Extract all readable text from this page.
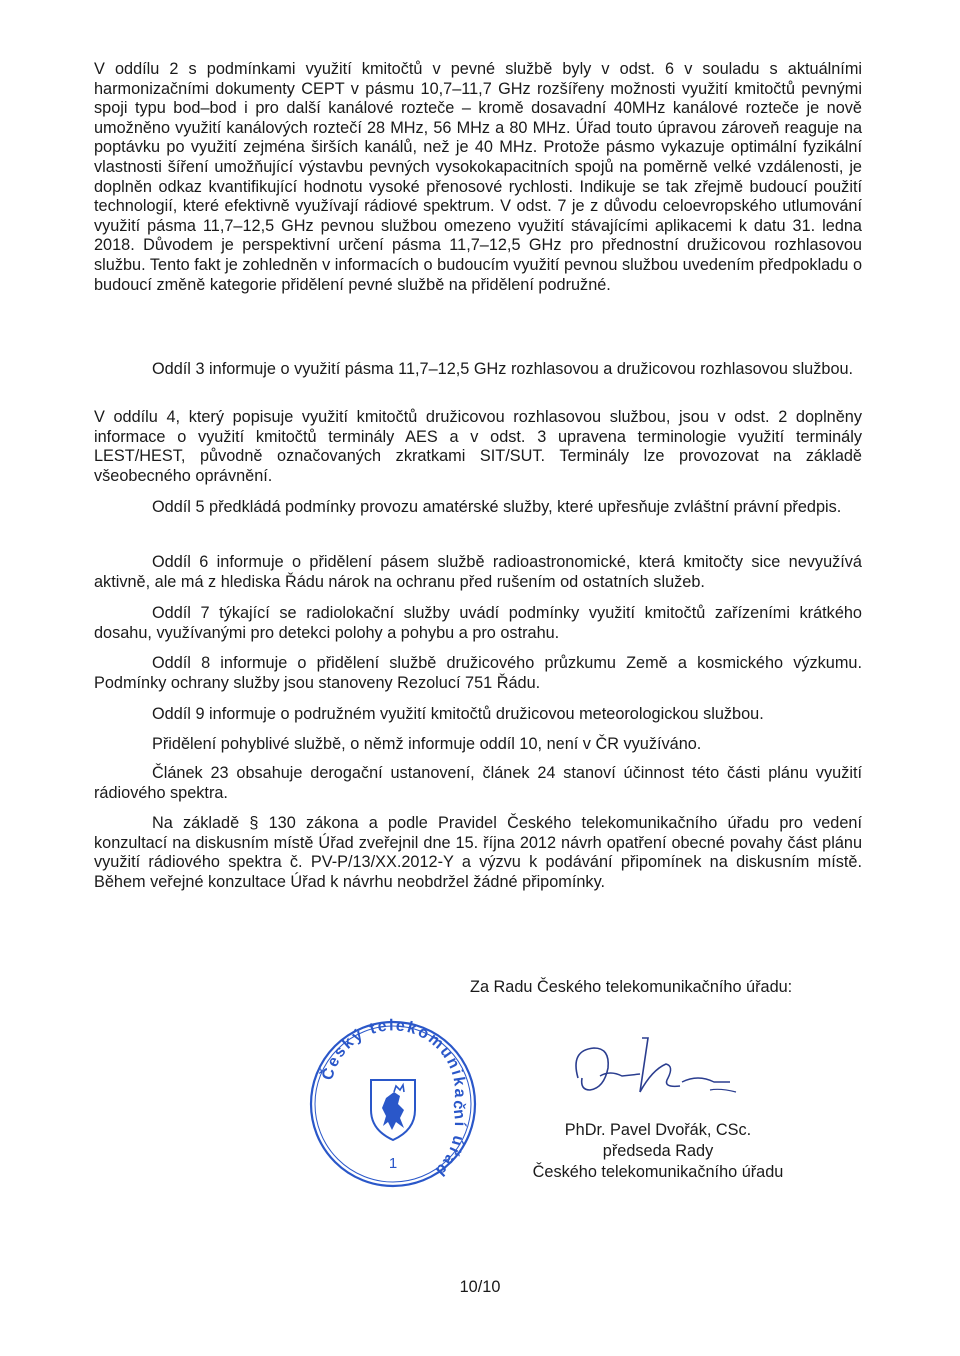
V oddílu 2 s podmínkami využití kmitočtů v pevné službě byly v odst. 6 v souladu s aktuálními harmonizačními dokumenty CEPT v pásmu 10,7–11,7 GHz rozšířeny možnosti využití kmitočtů pevnými spoji typu bod–bod i pro další kanálové rozteče – kromě dosavadní 40MHz kanálové rozteče je nově umožněno využití kanálových roztečí 28 MHz, 56 MHz a 80 MHz. Úřad touto úpravou zároveň reaguje na poptávku po využití zejména širších kanálů, než je 40 MHz. Protože pásmo vykazuje optimální fyzikální vlastnosti šíření umožňující výstavbu pevných vysokokapacitních spojů na poměrně velké vzdálenosti, je doplněn odkaz kvantifikující hodnotu vysoké přenosové rychlosti. Indikuje se tak zřejmě budoucí použití technologií, které efektivně využívají rádiové spektrum. V odst. 7 je z důvodu celoevropského utlumování využití pásma 11,7–12,5 GHz pevnou službou omezeno využití stávajícími aplikacemi k datu 31. ledna 2018. Důvodem je perspektivní určení pásma 11,7–12,5 GHz pro přednostní družicovou rozhlasovou službu. Tento fakt je zohledněn v informacích o budoucím využití pevnou službou uvedením předpokladu o budoucí změně kategorie přidělení pevné službě na přidělení podružné.

Oddíl 3 informuje o využití pásma 11,7–12,5 GHz rozhlasovou a družicovou rozhlasovou službou.

V oddílu 4, který popisuje využití kmitočtů družicovou rozhlasovou službou, jsou v odst. 2 doplněny informace o využití kmitočtů terminály AES a v odst. 3 upravena terminologie využití terminály LEST/HEST, původně označovaných zkratkami SIT/SUT. Terminály lze provozovat na základě všeobecného oprávnění.

Oddíl 5 předkládá podmínky provozu amatérské služby, které upřesňuje zvláštní právní předpis.

Oddíl 6 informuje o přidělení pásem službě radioastronomické, která kmitočty sice nevyužívá aktivně, ale má z hlediska Řádu nárok na ochranu před rušením od ostatních služeb.

Oddíl 7 týkající se radiolokační služby uvádí podmínky využití kmitočtů zařízeními krátkého dosahu, využívanými pro detekci polohy a pohybu a pro ostrahu.

Oddíl 8 informuje o přidělení službě družicového průzkumu Země a kosmického výzkumu. Podmínky ochrany služby jsou stanoveny Rezolucí 751 Řádu.

Oddíl 9 informuje o podružném využití kmitočtů družicovou meteorologickou službou.

Přidělení pohyblivé službě, o němž informuje oddíl 10, není v ČR využíváno.

Článek 23 obsahuje derogační ustanovení, článek 24 stanoví účinnost této části plánu využití rádiového spektra.

Na základě § 130 zákona a podle Pravidel Českého telekomunikačního úřadu pro vedení konzultací na diskusním místě Úřad zveřejnil dne 15. října 2012 návrh opatření obecné povahy část plánu využití rádiového spektra č. PV-P/13/XX.2012-Y a výzvu k podávání připomínek na diskusním místě. Během veřejné konzultace Úřad k návrhu neobdržel žádné připomínky.

Za Radu Českého telekomunikačního úřadu:

Český telekomunikační úřad
1
PhDr. Pavel Dvořák, CSc.
předseda Rady
Českého telekomunikačního úřadu
10/10
